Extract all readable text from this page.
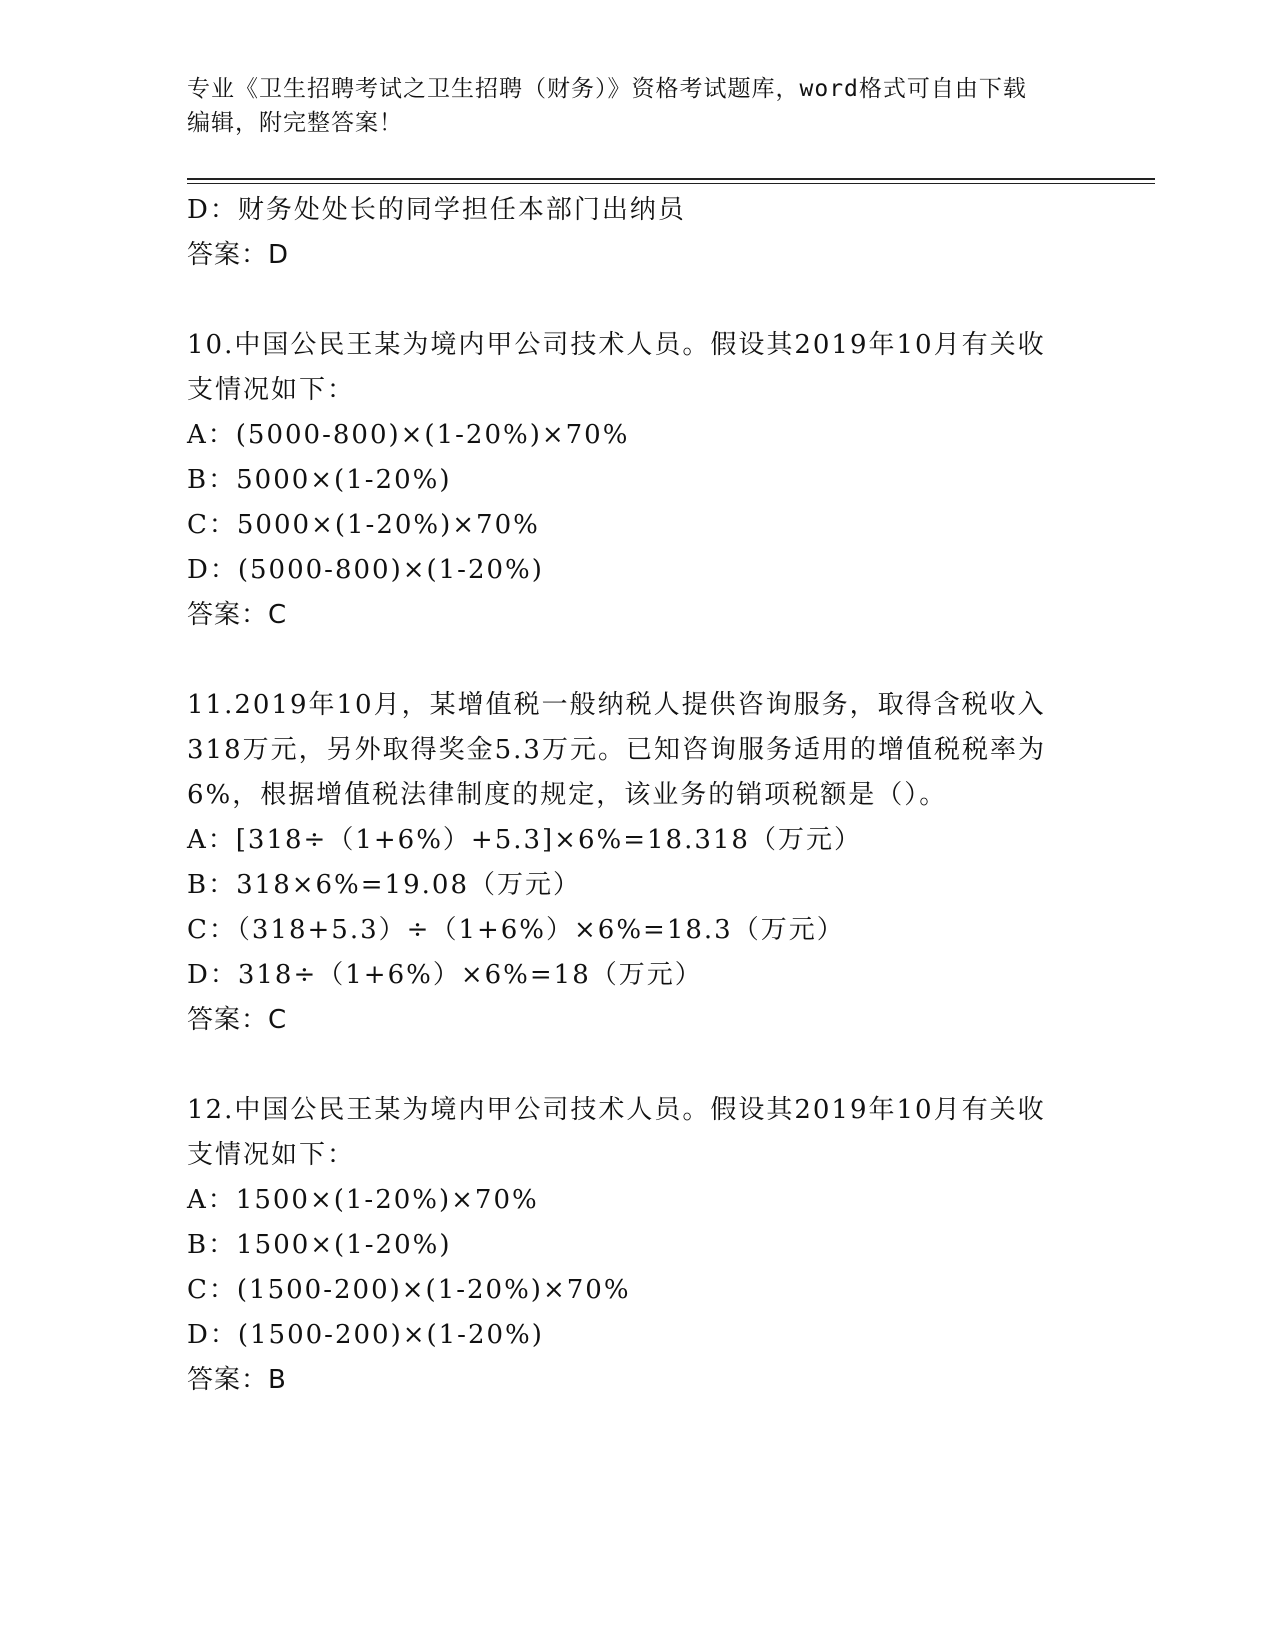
专业《卫生招聘考试之卫生招聘（财务）》资格考试题库，word格式可自由下载
编辑，附完整答案！
D：财务处处长的同学担任本部门出纳员
答案：D
10.中国公民王某为境内甲公司技术人员。假设其2019年10月有关收
支情况如下：
A：(5000-800)×(1-20%)×70%
B：5000×(1-20%)
C：5000×(1-20%)×70%
D：(5000-800)×(1-20%)
答案：C
11.2019年10月，某增值税一般纳税人提供咨询服务，取得含税收入
318万元，另外取得奖金5.3万元。已知咨询服务适用的增值税税率为
6%，根据增值税法律制度的规定，该业务的销项税额是（）。
A：[318÷（1+6%）+5.3]×6%=18.318（万元）
B：318×6%=19.08（万元）
C：（318+5.3）÷（1+6%）×6%=18.3（万元）
D：318÷（1+6%）×6%=18（万元）
答案：C
12.中国公民王某为境内甲公司技术人员。假设其2019年10月有关收
支情况如下：
A：1500×(1-20%)×70%
B：1500×(1-20%)
C：(1500-200)×(1-20%)×70%
D：(1500-200)×(1-20%)
答案：B
